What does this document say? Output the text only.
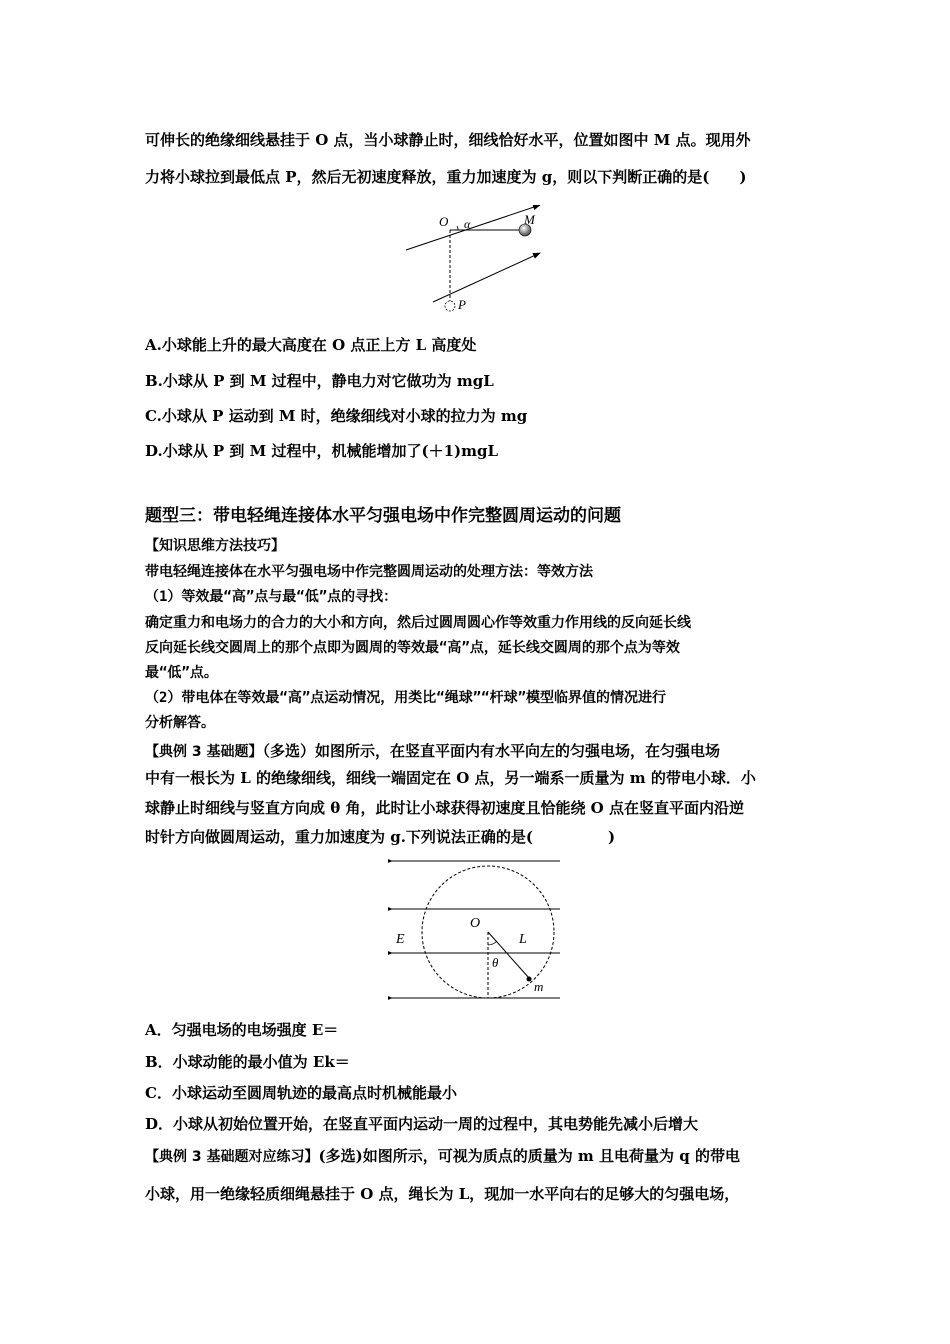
可伸长的绝缘细线悬挂于 O 点，当小球静止时，细线恰好水平，位置如图中 M 点。现用外
力将小球拉到最低点 P，然后无初速度释放，重力加速度为 g，则以下判断正确的是(　　)
O α	M
P
A.小球能上升的最大高度在 O 点正上方 L 高度处
B.小球从 P 到 M 过程中，静电力对它做功为 mgL
C.小球从 P 运动到 M 时，绝缘细线对小球的拉力为 mg
D.小球从 P 到 M 过程中，机械能增加了(＋1)mgL
题型三：带电轻绳连接体水平匀强电场中作完整圆周运动的问题
【知识思维方法技巧】
带电轻绳连接体在水平匀强电场中作完整圆周运动的处理方法：等效方法
（1）等效最“高”点与最“低”点的寻找：
确定重力和电场力的合力的大小和方向，然后过圆周圆心作等效重力作用线的反向延长线
反向延长线交圆周上的那个点即为圆周的等效最“高”点，延长线交圆周的那个点为等效
最“低”点。
（2）带电体在等效最“高”点运动情况，用类比“绳球”“杆球”模型临界值的情况进行
分析解答。
【典例 3 基础题】（多选）如图所示，在竖直平面内有水平向左的匀强电场，在匀强电场
中有一根长为 L 的绝缘细线，细线一端固定在 O 点，另一端系一质量为 m 的带电小球．小
球静止时细线与竖直方向成 θ 角，此时让小球获得初速度且恰能绕 O 点在竖直平面内沿逆
时针方向做圆周运动，重力加速度为 g.下列说法正确的是(　　　　　)
O
L
E
θ
m
A．匀强电场的电场强度 E＝
B．小球动能的最小值为 Ek＝
C．小球运动至圆周轨迹的最高点时机械能最小
D．小球从初始位置开始，在竖直平面内运动一周的过程中，其电势能先减小后增大
【典例 3 基础题对应练习】(多选)如图所示，可视为质点的质量为 m 且电荷量为 q 的带电
小球，用一绝缘轻质细绳悬挂于 O 点，绳长为 L，现加一水平向右的足够大的匀强电场，
